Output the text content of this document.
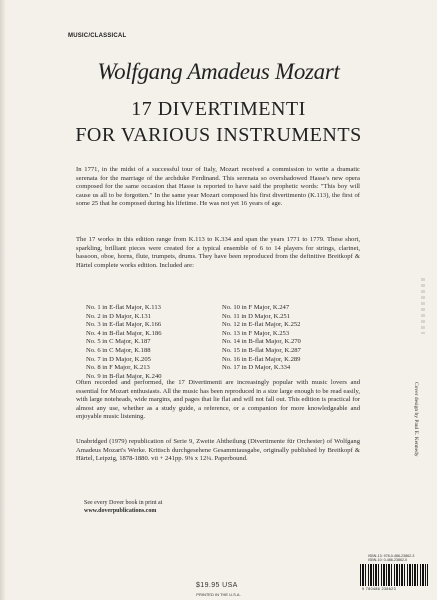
MUSIC/CLASSICAL
Wolfgang Amadeus Mozart
17 DIVERTIMENTI
FOR VARIOUS INSTRUMENTS
In 1771, in the midst of a successful tour of Italy, Mozart received a commission to write a dramatic serenata for the marriage of the archduke Ferdinand. This serenata so overshadowed Hasse's new opera composed for the same occasion that Hasse is reported to have said the prophetic words: "This boy will cause us all to be forgotten." In the same year Mozart composed his first divertimento (K.113), the first of some 25 that he composed during his lifetime. He was not yet 16 years of age.
The 17 works in this edition range from K.113 to K.334 and span the years 1771 to 1779. These short, sparkling, brilliant pieces were created for a typical ensemble of 6 to 14 players for strings, clarinet, bassoon, oboe, horns, flute, trumpets, drums. They have been reproduced from the definitive Breitkopf & Härtel complete works edition. Included are:
No. 1 in E-flat Major, K.113
No. 2 in D Major, K.131
No. 3 in E-flat Major, K.166
No. 4 in B-flat Major, K.186
No. 5 in C Major, K.187
No. 6 in C Major, K.188
No. 7 in D Major, K.205
No. 8 in F Major, K.213
No. 9 in B-flat Major, K.240
No. 10 in F Major, K.247
No. 11 in D Major, K.251
No. 12 in E-flat Major, K.252
No. 13 in F Major, K.253
No. 14 in B-flat Major, K.270
No. 15 in B-flat Major, K.287
No. 16 in E-flat Major, K.289
No. 17 in D Major, K.334
Often recorded and performed, the 17 Divertimenti are increasingly popular with music lovers and essential for Mozart enthusiasts. All the music has been reproduced in a size large enough to be read easily, with large noteheads, wide margins, and pages that lie flat and will not fall out. This edition is practical for almost any use, whether as a study guide, a reference, or a companion for more knowledgeable and enjoyable music listening.
Unabridged (1979) republication of Serie 9, Zweite Abtheilung (Divertimente für Orchester) of Wolfgang Amadeus Mozart's Werke. Kritisch durchgesehene Gesammtausgabe, originally published by Breitkopf & Härtel, Leipzig, 1878-1880. vii + 241pp. 9⅜ x 12¼. Paperbound.
See every Dover book in print at
www.doverpublications.com
Cover design by Paul E. Kennedy
ISBN-13: 978-0-486-23862-3
ISBN-10: 0-486-23862-0
9 780486 238623
$19.95 USA
PRINTED IN THE U.S.A.
